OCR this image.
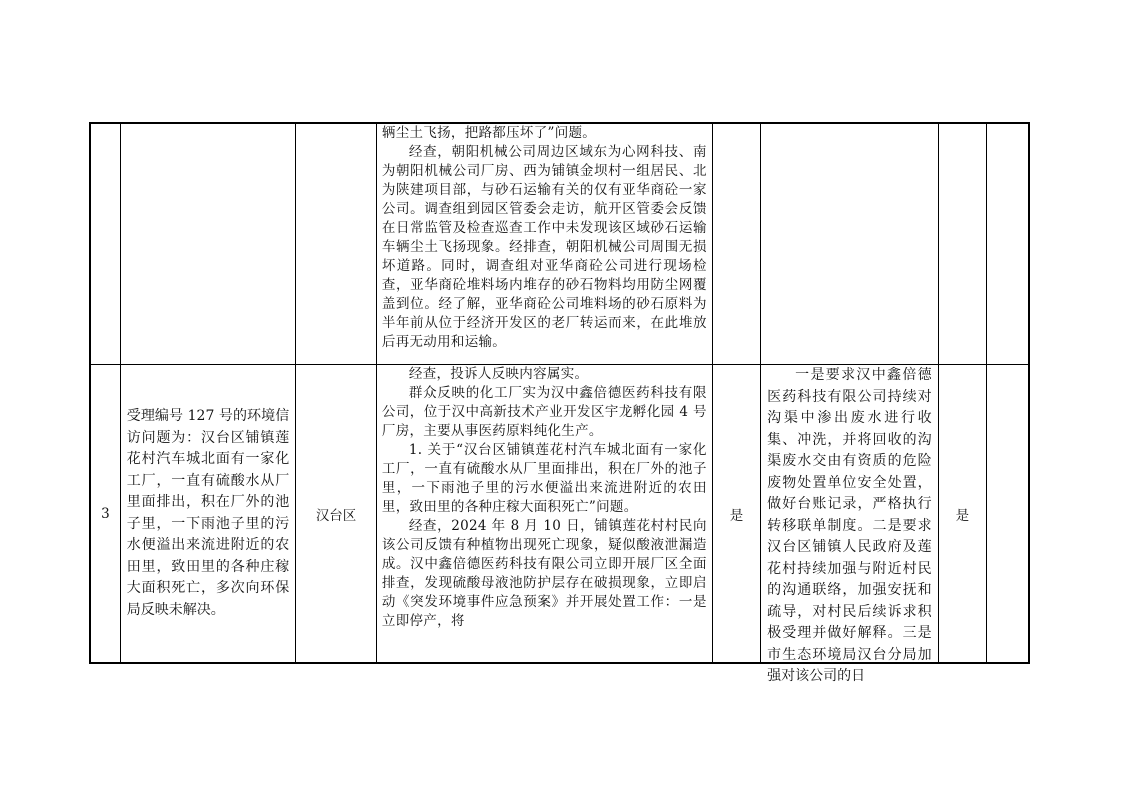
			辆尘土飞扬，把路都压坏了”问题。

经查，朝阳机械公司周边区域东为心网科技、南为朝阳机械公司厂房、西为铺镇金坝村一组居民、北为陕建项目部，与砂石运输有关的仅有亚华商砼一家公司。调查组到园区管委会走访，航开区管委会反馈在日常监管及检查巡查工作中未发现该区域砂石运输车辆尘土飞扬现象。经排查，朝阳机械公司周围无损坏道路。同时，调查组对亚华商砼公司进行现场检查，亚华商砼堆料场内堆存的砂石物料均用防尘网覆盖到位。经了解，亚华商砼公司堆料场的砂石原料为半年前从位于经济开发区的老厂转运而来，在此堆放后再无动用和运输。				

3	受理编号 127 号的环境信访问题为：汉台区铺镇莲花村汽车城北面有一家化工厂，一直有硫酸水从厂里面排出，积在厂外的池子里，一下雨池子里的污水便溢出来流进附近的农田里，致田里的各种庄稼大面积死亡，多次向环保局反映未解决。	汉台区	经查，投诉人反映内容属实。

群众反映的化工厂实为汉中鑫倍德医药科技有限公司，位于汉中高新技术产业开发区宇龙孵化园 4 号厂房，主要从事医药原料纯化生产。

1. 关于“汉台区铺镇莲花村汽车城北面有一家化工厂，一直有硫酸水从厂里面排出，积在厂外的池子里，一下雨池子里的污水便溢出来流进附近的农田里，致田里的各种庄稼大面积死亡”问题。

经查，2024 年 8 月 10 日，铺镇莲花村村民向该公司反馈有种植物出现死亡现象，疑似酸液泄漏造成。汉中鑫倍德医药科技有限公司立即开展厂区全面排查，发现硫酸母液池防护层存在破损现象，立即启动《突发环境事件应急预案》并开展处置工作：一是立即停产，将	是	一是要求汉中鑫倍德医药科技有限公司持续对沟渠中渗出废水进行收集、冲洗，并将回收的沟渠废水交由有资质的危险废物处置单位安全处置，做好台账记录，严格执行转移联单制度。二是要求汉台区铺镇人民政府及莲花村持续加强与附近村民的沟通联络，加强安抚和疏导，对村民后续诉求积极受理并做好解释。三是市生态环境局汉台分局加强对该公司的日	是	
